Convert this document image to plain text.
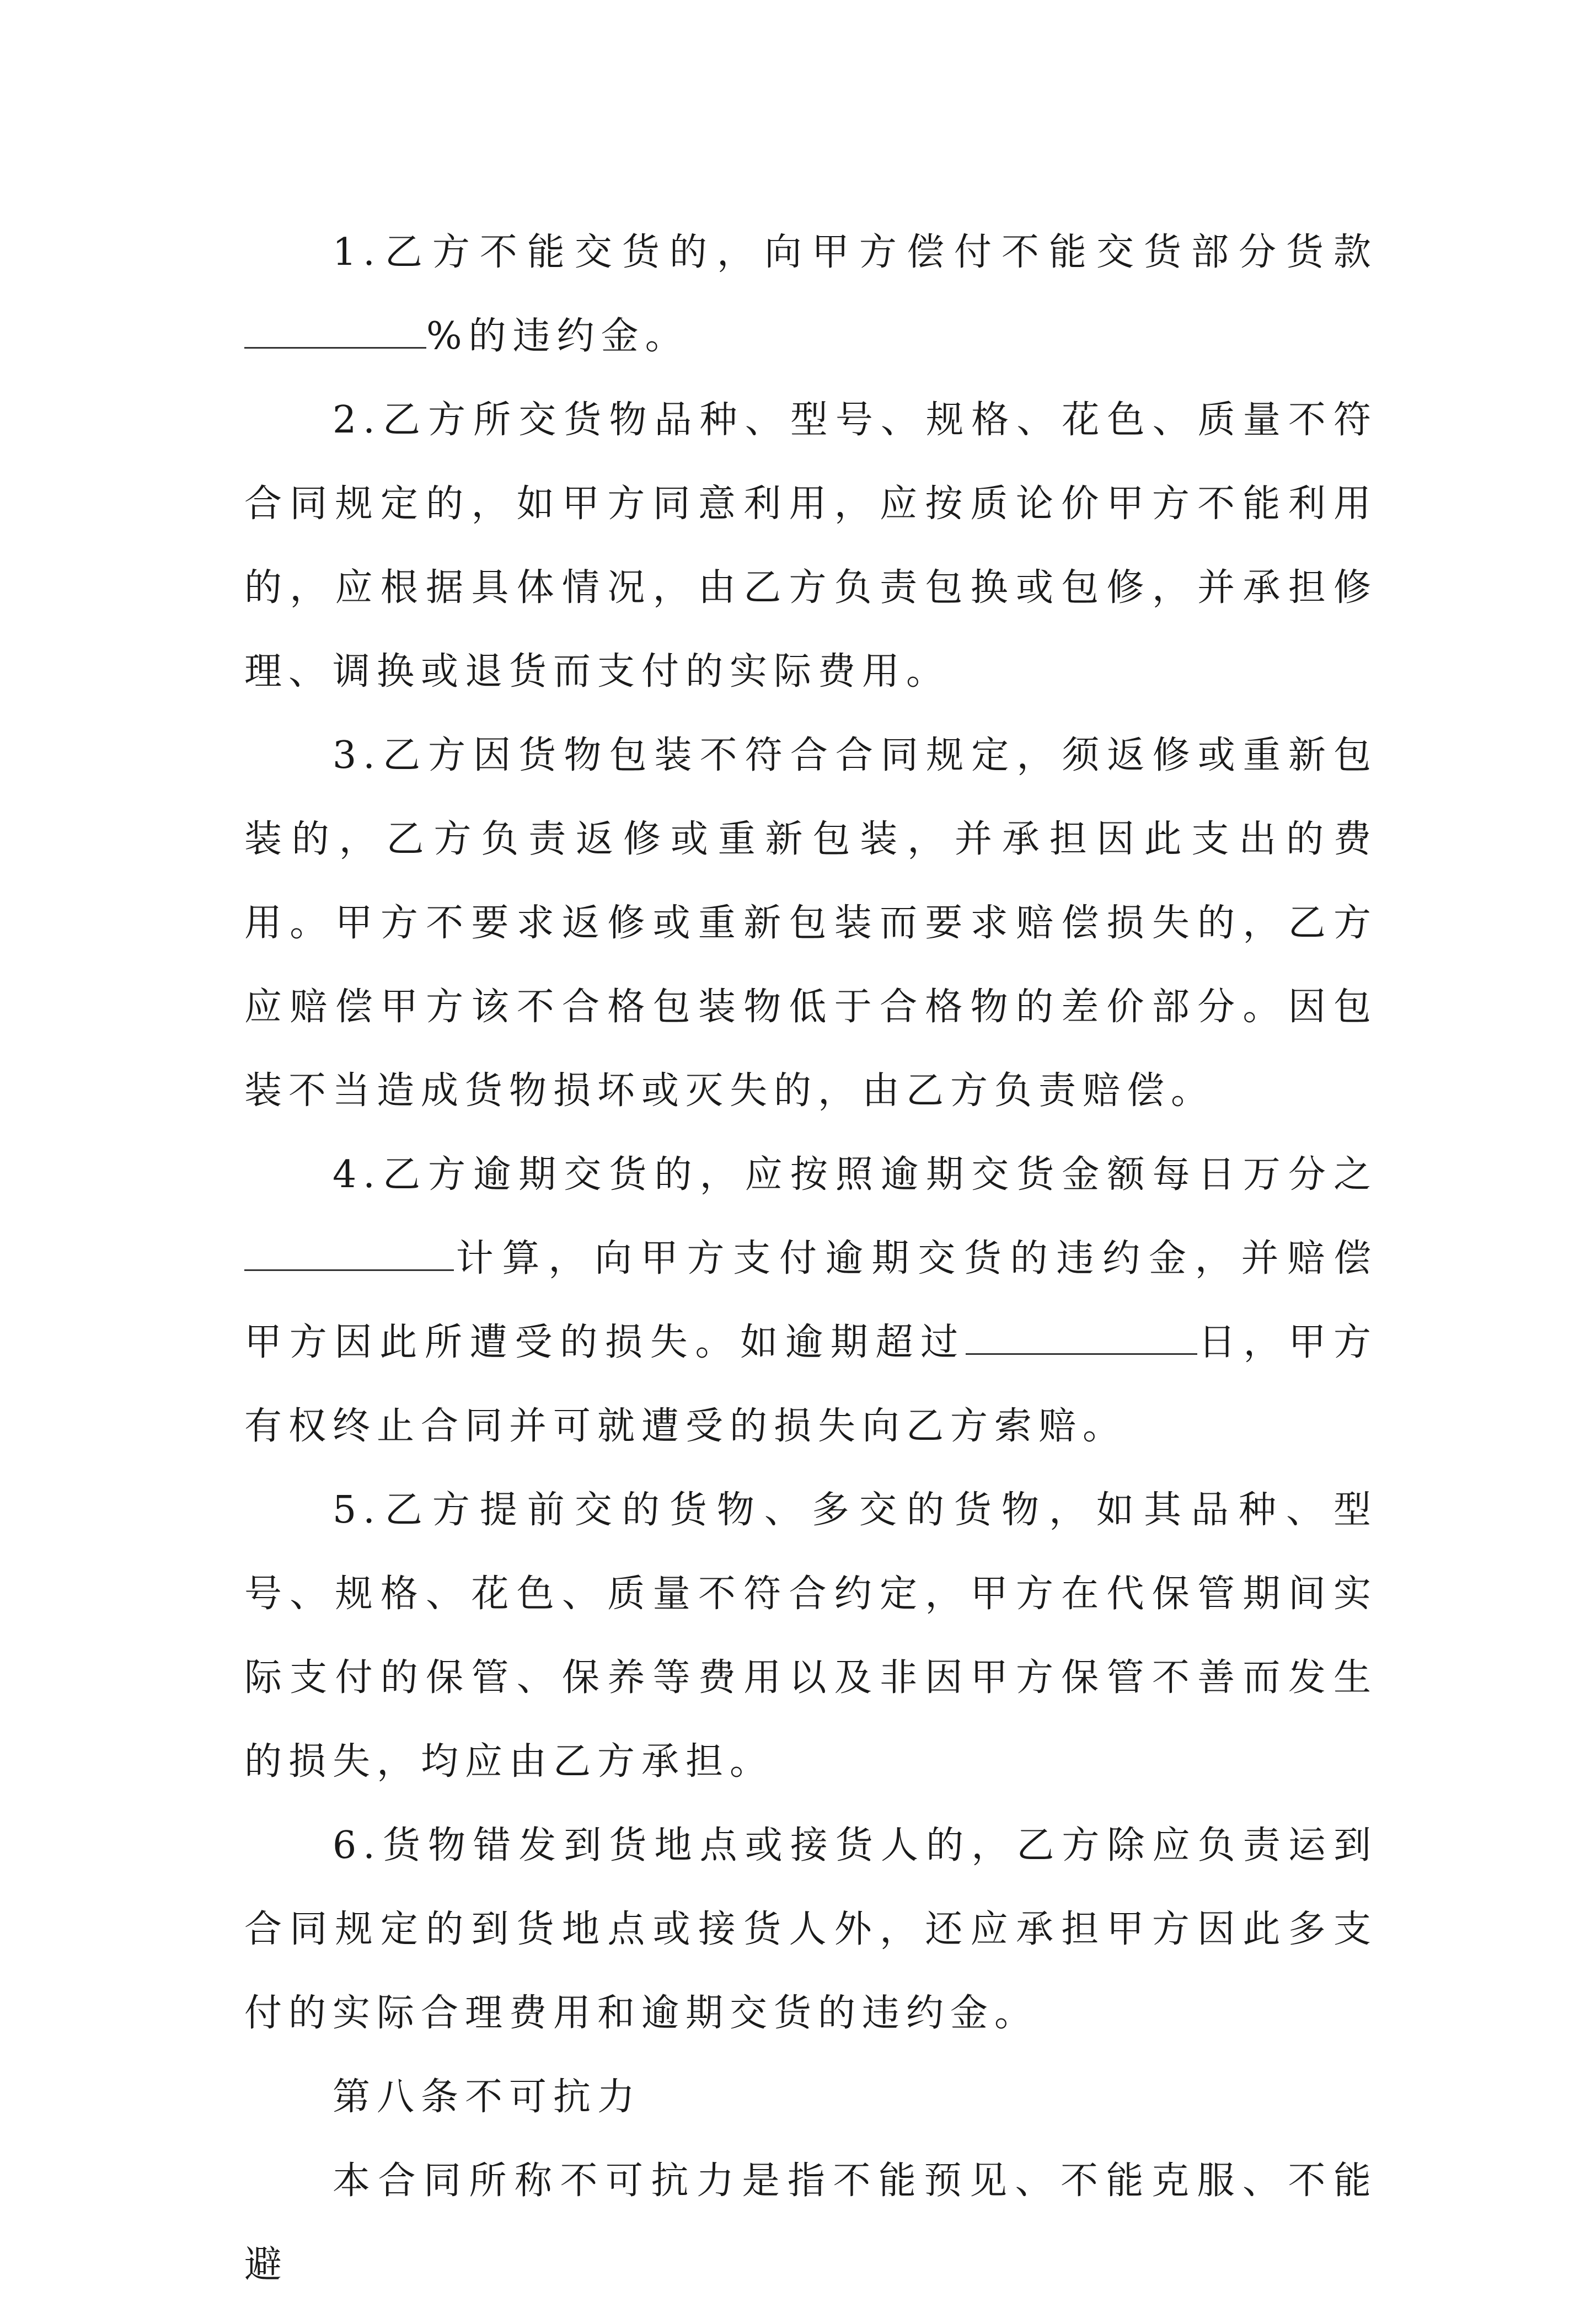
1.乙方不能交货的，向甲方偿付不能交货部分货款%的违约金。

2.乙方所交货物品种、型号、规格、花色、质量不符合同规定的，如甲方同意利用，应按质论价甲方不能利用的，应根据具体情况，由乙方负责包换或包修，并承担修理、调换或退货而支付的实际费用。

3.乙方因货物包装不符合合同规定，须返修或重新包装的，乙方负责返修或重新包装，并承担因此支出的费用。甲方不要求返修或重新包装而要求赔偿损失的，乙方应赔偿甲方该不合格包装物低于合格物的差价部分。因包装不当造成货物损坏或灭失的，由乙方负责赔偿。

4.乙方逾期交货的，应按照逾期交货金额每日万分之计算，向甲方支付逾期交货的违约金，并赔偿甲方因此所遭受的损失。如逾期超过	日，甲方有权终止合同并可就遭受的损失向乙方索赔。

5.乙方提前交的货物、多交的货物，如其品种、型号、规格、花色、质量不符合约定，甲方在代保管期间实际支付的保管、保养等费用以及非因甲方保管不善而发生的损失，均应由乙方承担。

6.货物错发到货地点或接货人的，乙方除应负责运到合同规定的到货地点或接货人外，还应承担甲方因此多支付的实际合理费用和逾期交货的违约金。

第八条不可抗力

本合同所称不可抗力是指不能预见、不能克服、不能避
